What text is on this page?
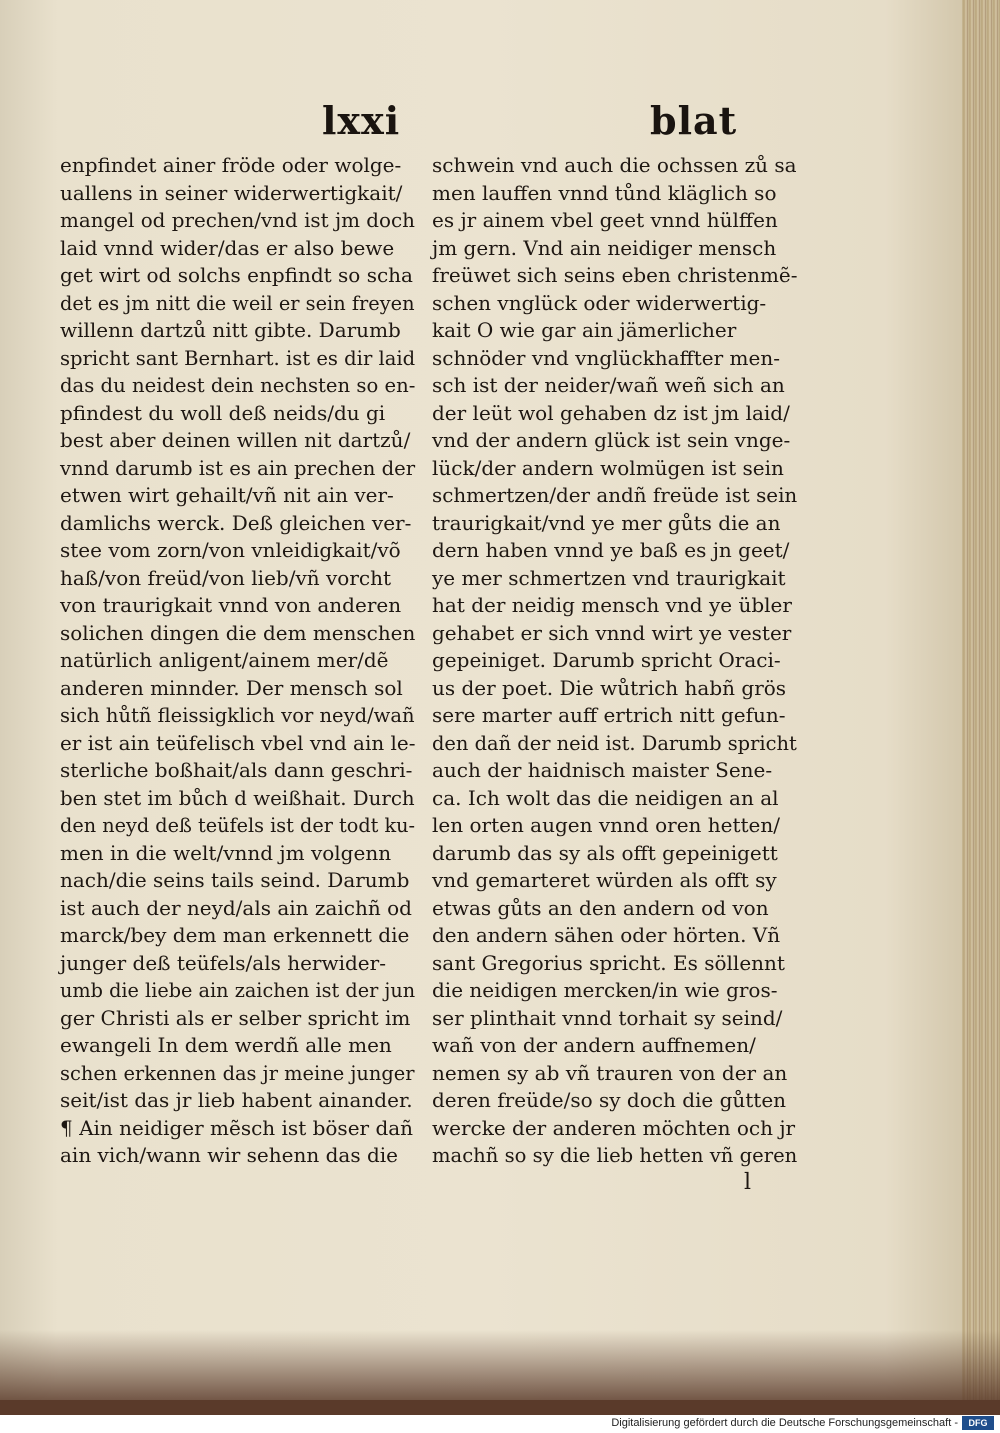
lxxi	blat
enpfindet ainer fröde oder wolge-
uallens in seiner widerwertigkait/
mangel od prechen/vnd ist jm doch
laid vnnd wider/das er also bewe
get wirt od solchs enpfindt so scha
det es jm nitt die weil er sein freyen
willenn dartzů nitt gibte. Darumb
spricht sant Bernhart. ist es dir laid
das du neidest dein nechsten so en-
pfindest du woll deß neids/du gi
best aber deinen willen nit dartzů/
vnnd darumb ist es ain prechen der
etwen wirt gehailt/vñ nit ain ver-
damlichs werck. Deß gleichen ver-
stee vom zorn/von vnleidigkait/võ
haß/von freüd/von lieb/vñ vorcht
von traurigkait vnnd von anderen
solichen dingen die dem menschen
natürlich anligent/ainem mer/dẽ
anderen minnder. Der mensch sol
sich hůtñ fleissigklich vor neyd/wañ
er ist ain teüfelisch vbel vnd ain le-
sterliche boßhait/als dann geschri-
ben stet im bůch d weißhait. Durch
den neyd deß teüfels ist der todt ku-
men in die welt/vnnd jm volgenn
nach/die seins tails seind. Darumb
ist auch der neyd/als ain zaichñ od
marck/bey dem man erkennett die
junger deß teüfels/als herwider-
umb die liebe ain zaichen ist der jun
ger Christi als er selber spricht im
ewangeli In dem werdñ alle men
schen erkennen das jr meine junger
seit/ist das jr lieb habent ainander.
¶ Ain neidiger mẽsch ist böser dañ
ain vich/wann wir sehenn das die
schwein vnd auch die ochssen zů sa
men lauffen vnnd tůnd kläglich so
es jr ainem vbel geet vnnd hülffen
jm gern. Vnd ain neidiger mensch
freüwet sich seins eben christenmẽ-
schen vnglück oder widerwertig-
kait O wie gar ain jämerlicher
schnöder vnd vnglückhaffter men-
sch ist der neider/wañ weñ sich an
der leüt wol gehaben dz ist jm laid/
vnd der andern glück ist sein vnge-
lück/der andern wolmügen ist sein
schmertzen/der andñ freüde ist sein
traurigkait/vnd ye mer gůts die an
dern haben vnnd ye baß es jn geet/
ye mer schmertzen vnd traurigkait
hat der neidig mensch vnd ye übler
gehabet er sich vnnd wirt ye vester
gepeiniget. Darumb spricht Oraci-
us der poet. Die wůtrich habñ grös
sere marter auff ertrich nitt gefun-
den dañ der neid ist. Darumb spricht
auch der haidnisch maister Sene-
ca. Ich wolt das die neidigen an al
len orten augen vnnd oren hetten/
darumb das sy als offt gepeinigett
vnd gemarteret würden als offt sy
etwas gůts an den andern od von
den andern sähen oder hörten. Vñ
sant Gregorius spricht. Es söllennt
die neidigen mercken/in wie gros-
ser plinthait vnnd torhait sy seind/
wañ von der andern auffnemen/
nemen sy ab vñ trauren von der an
deren freüde/so sy doch die gůtten
wercke der anderen möchten och jr
machñ so sy die lieb hetten vñ geren
l
Digitalisierung gefördert durch die Deutsche Forschungsgemeinschaft -	DFG
